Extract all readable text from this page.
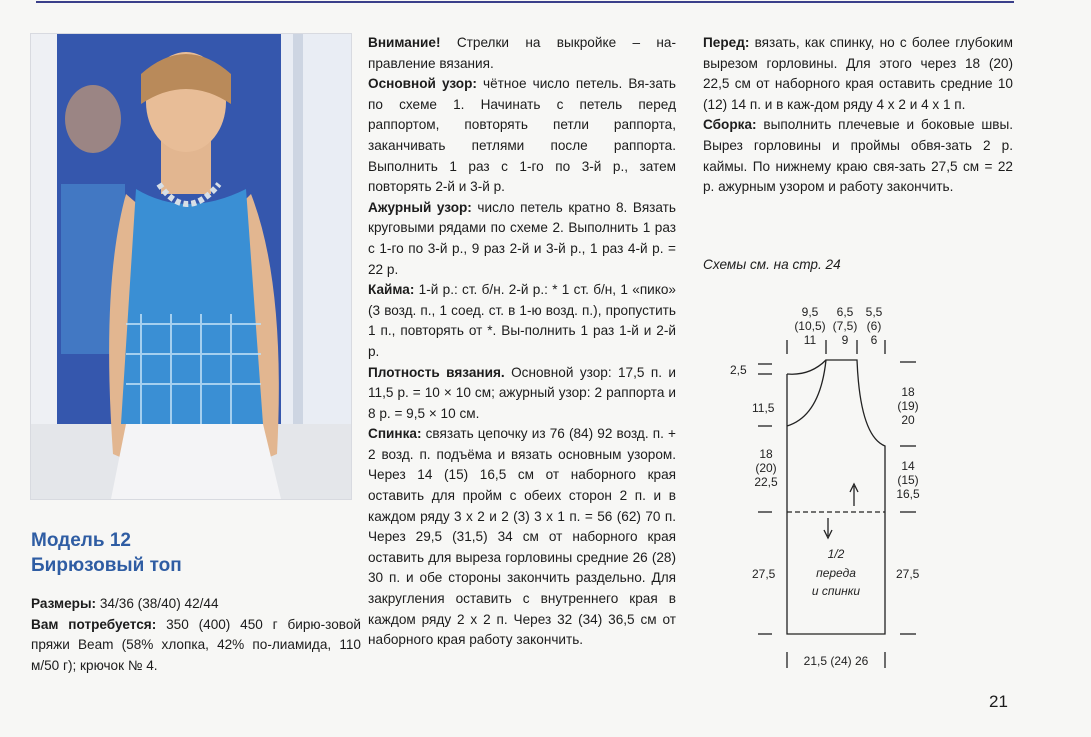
Модель 12
Бирюзовый топ
Размеры: 34/36 (38/40) 42/44
Вам потребуется: 350 (400) 450 г бирю-зовой пряжи Beam (58% хлопка, 42% по-лиамида, 110 м/50 г); крючок № 4.

Внимание! Стрелки на выкройке – на-правление вязания.

Основной узор: чётное число петель. Вя-зать по схеме 1. Начинать с петель перед раппортом, повторять петли раппорта, заканчивать петлями после раппорта. Выполнить 1 раз с 1-го по 3-й р., затем повторять 2-й и 3-й р.

Ажурный узор: число петель кратно 8. Вязать круговыми рядами по схеме 2. Выполнить 1 раз с 1-го по 3-й р., 9 раз 2-й и 3-й р., 1 раз 4-й р. = 22 р.

Кайма: 1-й р.: ст. б/н. 2-й р.: * 1 ст. б/н, 1 «пико» (3 возд. п., 1 соед. ст. в 1-ю возд. п.), пропустить 1 п., повторять от *. Вы-полнить 1 раз 1-й и 2-й р.

Плотность вязания. Основной узор: 17,5 п. и 11,5 р. = 10 × 10 см; ажурный узор: 2 раппорта и 8 р. = 9,5 × 10 см.

Спинка: связать цепочку из 76 (84) 92 возд. п. + 2 возд. п. подъёма и вязать основным узором. Через 14 (15) 16,5 см от наборного края оставить для пройм с обеих сторон 2 п. и в каждом ряду 3 х 2 и 2 (3) 3 х 1 п. = 56 (62) 70 п. Через 29,5 (31,5) 34 см от наборного края оставить для выреза горловины средние 26 (28) 30 п. и обе стороны закончить раздельно. Для закругления оставить с внутреннего края в каждом ряду 2 х 2 п. Через 32 (34) 36,5 см от наборного края работу закончить.

Перед: вязать, как спинку, но с более глубоким вырезом горловины. Для этого через 18 (20) 22,5 см от наборного края оставить средние 10 (12) 14 п. и в каж-дом ряду 4 х 2 и 4 х 1 п.

Сборка: выполнить плечевые и боковые швы. Вырез горловины и проймы обвя-зать 2 р. каймы. По нижнему краю свя-зать 27,5 см = 22 р. ажурным узором и работу закончить.

Схемы см. на стр. 24
9,5
(10,5)
11
6,5
(7,5)
9
5,5
(6)
6
2,5
11,5
18
(20)
22,5
27,5
18
(19)
20
14
(15)
16,5
27,5
1/2
переда
и спинки
21,5 (24) 26
21
